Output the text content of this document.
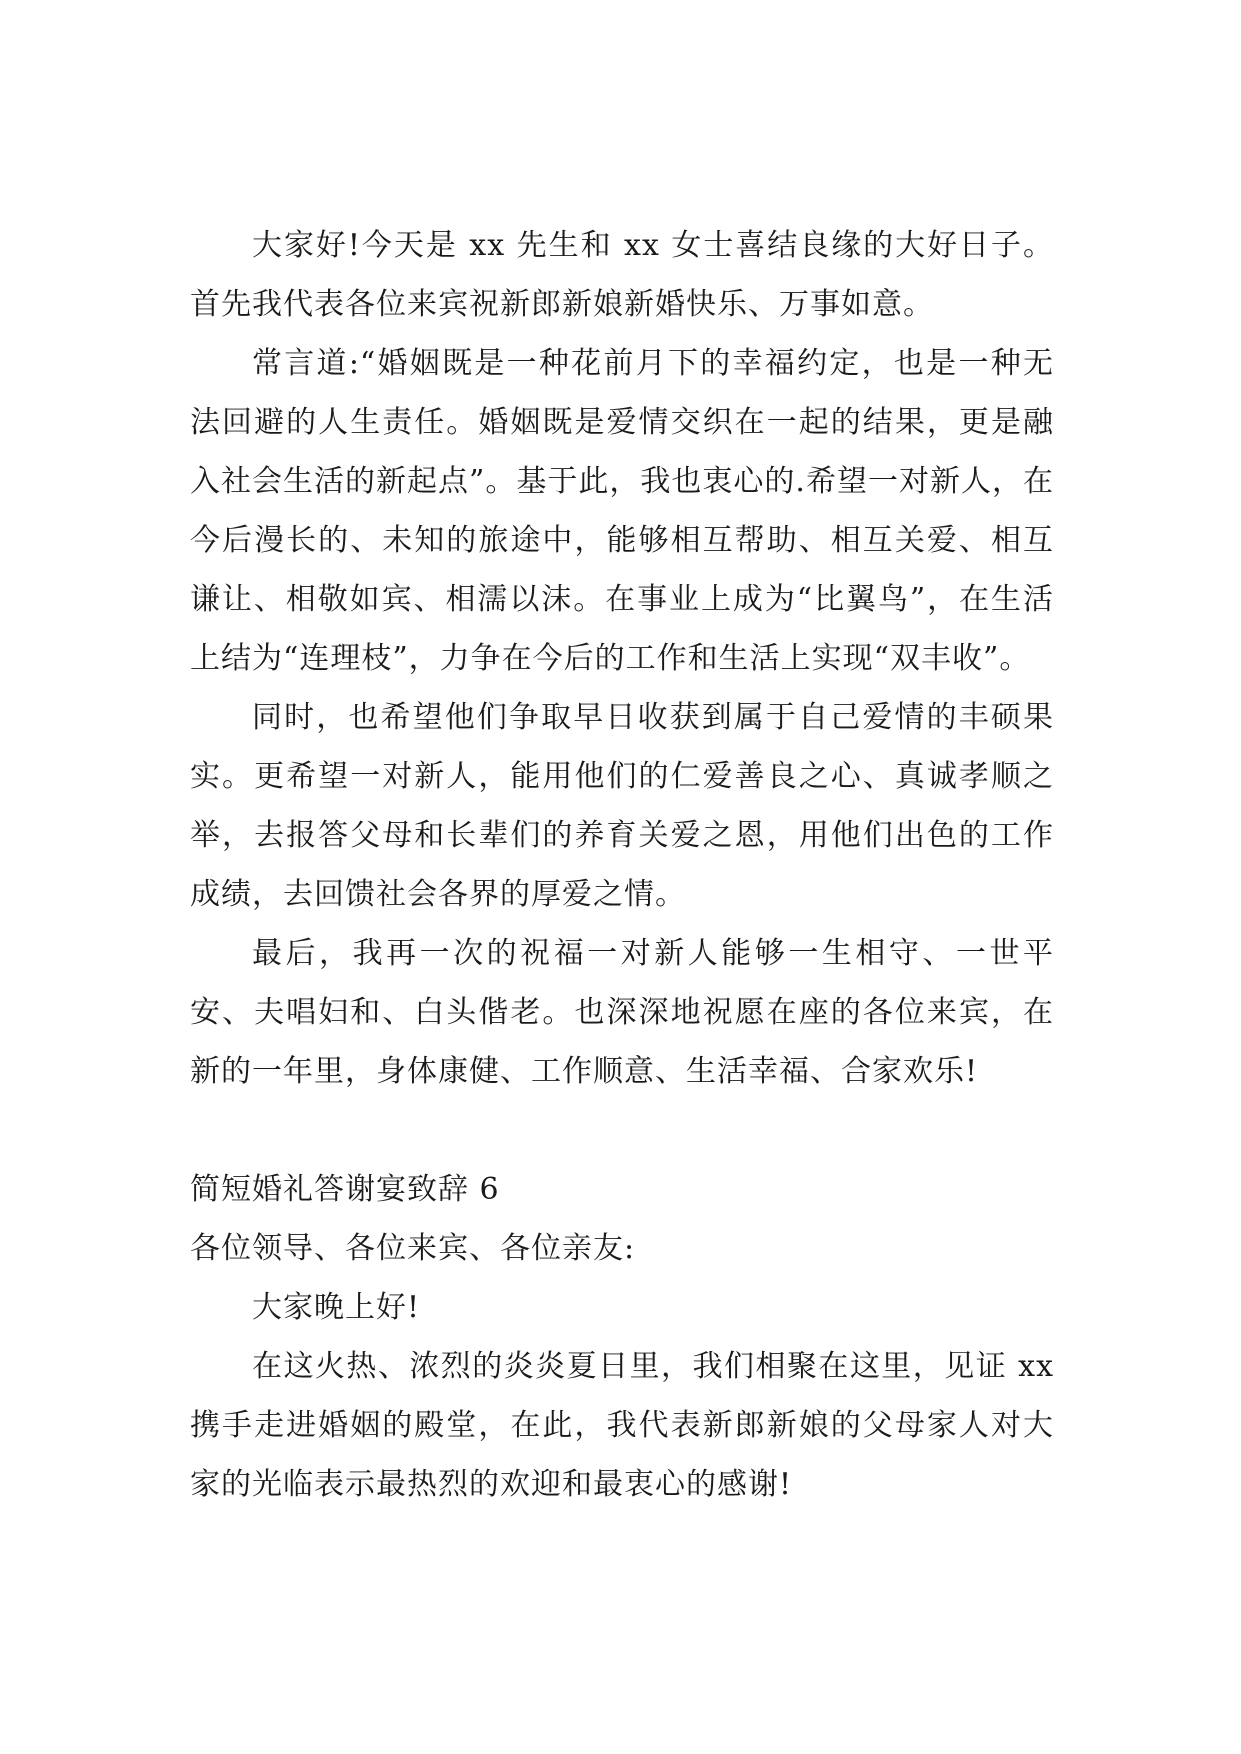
大家好!今天是 xx 先生和 xx 女士喜结良缘的大好日子。首先我代表各位来宾祝新郎新娘新婚快乐、万事如意。

常言道:“婚姻既是一种花前月下的幸福约定，也是一种无法回避的人生责任。婚姻既是爱情交织在一起的结果，更是融入社会生活的新起点”。基于此，我也衷心的.希望一对新人，在今后漫长的、未知的旅途中，能够相互帮助、相互关爱、相互谦让、相敬如宾、相濡以沫。在事业上成为“比翼鸟”，在生活上结为“连理枝”，力争在今后的工作和生活上实现“双丰收”。

同时，也希望他们争取早日收获到属于自己爱情的丰硕果实。更希望一对新人，能用他们的仁爱善良之心、真诚孝顺之举，去报答父母和长辈们的养育关爱之恩，用他们出色的工作成绩，去回馈社会各界的厚爱之情。

最后，我再一次的祝福一对新人能够一生相守、一世平安、夫唱妇和、白头偕老。也深深地祝愿在座的各位来宾，在新的一年里，身体康健、工作顺意、生活幸福、合家欢乐!

简短婚礼答谢宴致辞 6

各位领导、各位来宾、各位亲友:

大家晚上好!

在这火热、浓烈的炎炎夏日里，我们相聚在这里，见证 xx 携手走进婚姻的殿堂，在此，我代表新郎新娘的父母家人对大家的光临表示最热烈的欢迎和最衷心的感谢!
